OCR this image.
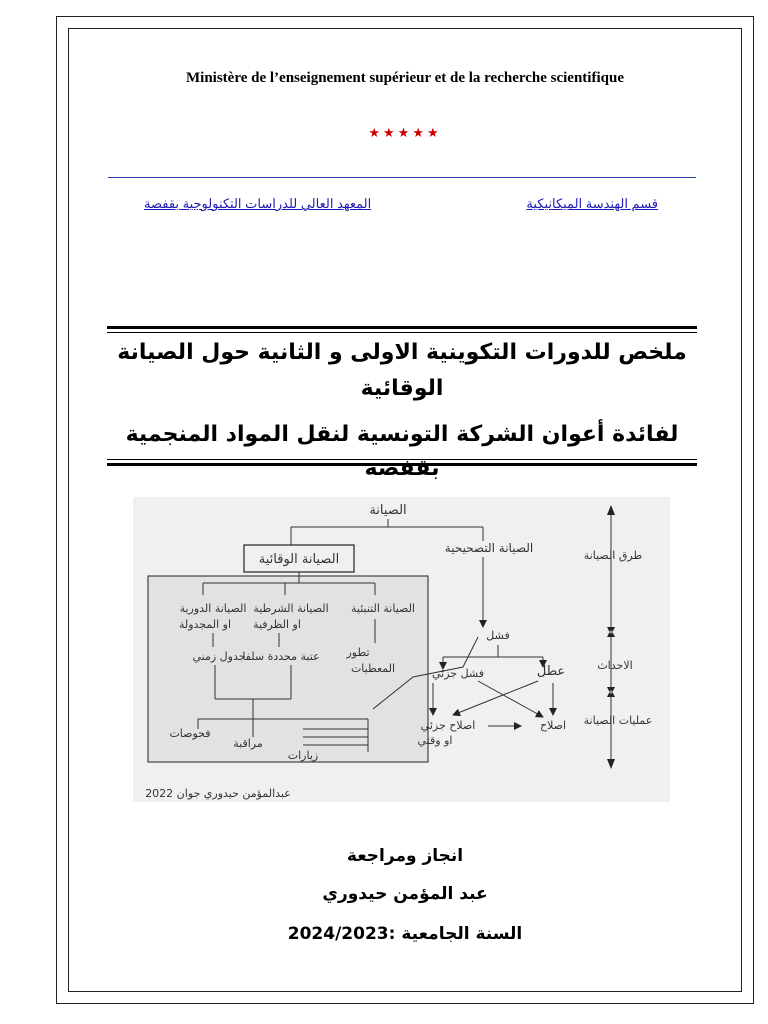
Ministère de l’enseignement supérieur et de la recherche scientifique
★★★★★
قسم الهندسة الميكانيكية
المعهد العالي للدراسات التكنولوجية بقفصة
ملخص للدورات التكوينية الاولى و الثانية حول الصيانة
الوقائية
لفائدة أعوان الشركة التونسية لنقل المواد المنجمية بقفصة
الصيانة
الصيانة الوقائية
الصيانة التصحيحية
الصيانة الدورية
او المجدولة
الصيانة الشرطية
او الظرفية
الصيانة التنبئية
جدول زمني
عتبة محددة سلفا تطور
المعطيات
فحوصات
مراقبة
زيارات
فشل
فشل جزئي	عطل
اصلاح جزئي
او وقتي
اصلاح
طرق الصيانة
الاحداث
عمليات الصيانة
عبدالمؤمن حيدوري جوان 2022
انجاز ومراجعة
عبد المؤمن حيدوري
السنة الجامعية :2024/2023
